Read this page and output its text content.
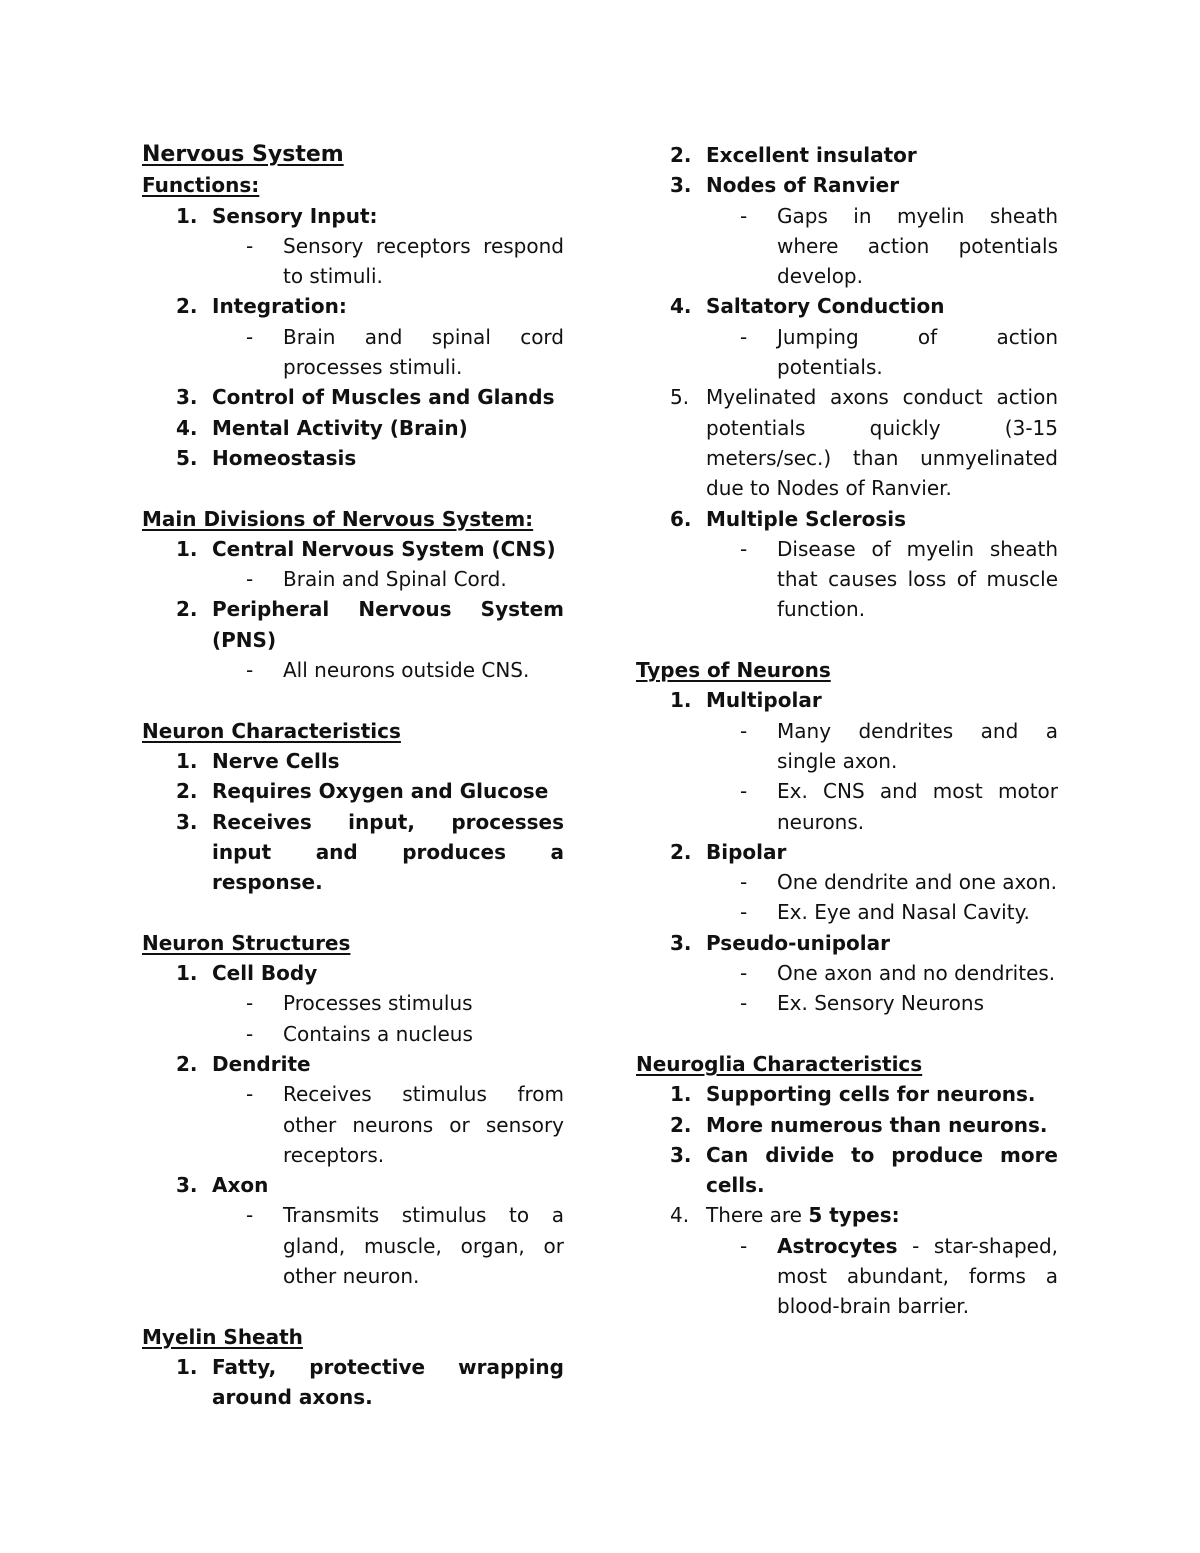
Nervous System
Functions:
1. Sensory Input:
- Sensory receptors respond to stimuli.
2. Integration:
- Brain and spinal cord processes stimuli.
3. Control of Muscles and Glands
4. Mental Activity (Brain)
5. Homeostasis
Main Divisions of Nervous System:
1. Central Nervous System (CNS)
- Brain and Spinal Cord.
2. Peripheral Nervous System
(PNS)
- All neurons outside CNS.
Neuron Characteristics
1. Nerve Cells
2. Requires Oxygen and Glucose
3. Receives input, processes input and produces a response.
Neuron Structures
1. Cell Body
- Processes stimulus
- Contains a nucleus
2. Dendrite
- Receives stimulus from other neurons or sensory receptors.
3. Axon
- Transmits stimulus to a gland, muscle, organ, or other neuron.
Myelin Sheath
1. Fatty, protective wrapping around axons.
2. Excellent insulator
3. Nodes of Ranvier
- Gaps in myelin sheath where action potentials develop.
4. Saltatory Conduction
- Jumping of action potentials.
5. Myelinated axons conduct action potentials quickly (3-15 meters/sec.) than unmyelinated due to Nodes of Ranvier.
6. Multiple Sclerosis
- Disease of myelin sheath that causes loss of muscle function.
Types of Neurons
1. Multipolar
- Many dendrites and a single axon.
- Ex. CNS and most motor neurons.
2. Bipolar
- One dendrite and one axon.
- Ex. Eye and Nasal Cavity.
3. Pseudo-unipolar
- One axon and no dendrites.
- Ex. Sensory Neurons
Neuroglia Characteristics
1. Supporting cells for neurons.
2. More numerous than neurons.
3. Can divide to produce more cells.
4. There are 5 types:
- Astrocytes - star-shaped, most abundant, forms a blood-brain barrier.
